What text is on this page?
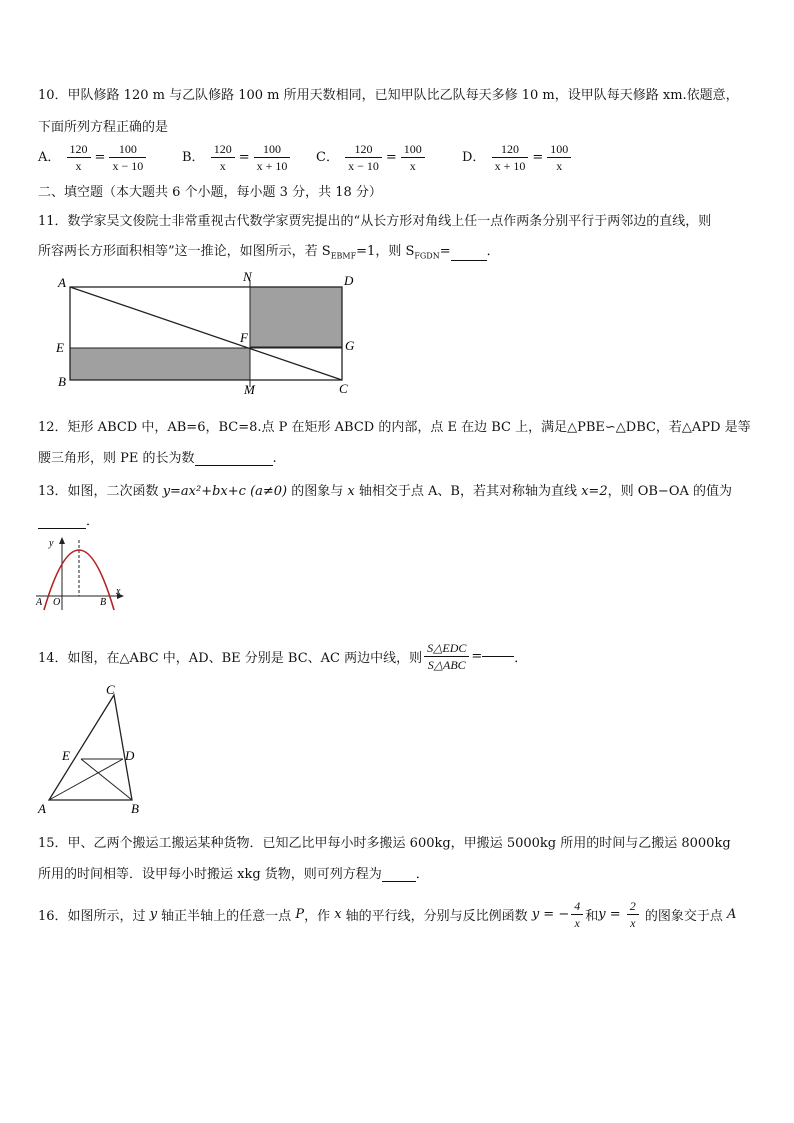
10．甲队修路 120 m 与乙队修路 100 m 所用天数相同，已知甲队比乙队每天多修 10 m，设甲队每天修路 xm.依题意，
下面所列方程正确的是
A． $\frac{120}{x} = \frac{100}{x - 10}$	B． $\frac{120}{x} = \frac{100}{x + 10}$ C． $\frac{120}{x - 10} = \frac{100}{x}$	D． $\frac{120}{x + 10} = \frac{100}{x}$
二、填空题（本大题共 6 个小题，每小题 3 分，共 18 分）
11．数学家吴文俊院士非常重视古代数学家贾宪提出的“从长方形对角线上任一点作两条分别平行于两邻边的直线，则
所容两长方形面积相等”这一推论，如图所示，若 $S_{EBMF}=1$，则 $S_{FGDN}=$	．
A	N	D
E
F
G
B
M	C
12．矩形 ABCD 中，AB=6，BC=8.点 P 在矩形 ABCD 的内部，点 E 在边 BC 上，满足△PBE∽△DBC，若△APD 是等
腰三角形，则 PE 的长为数	.
13．如图，二次函数 y=ax²+bx+c (a≠0) 的图象与 x 轴相交于点 A、B，若其对称轴为直线 x=2，则 OB−OA 的值为
．
y
A O	B
x
14．如图，在△ABC 中，AD、BE 分别是 BC、AC 两边中线，则 $\frac{\text{S△EDC}}{\text{S△ABC}}$ = ．
C
E	D
A	B
15．甲、乙两个搬运工搬运某种货物．已知乙比甲每小时多搬运 600kg，甲搬运 5000kg 所用的时间与乙搬运 8000kg
所用的时间相等．设甲每小时搬运 xkg 货物，则可列方程为	．
16．如图所示，过 y 轴正半轴上的任意一点 P，作 x 轴的平行线，分别与反比例函数 y = − $\frac{4}{x}$ 和$y = \frac{2}{x}$ 的图象交于点 A
